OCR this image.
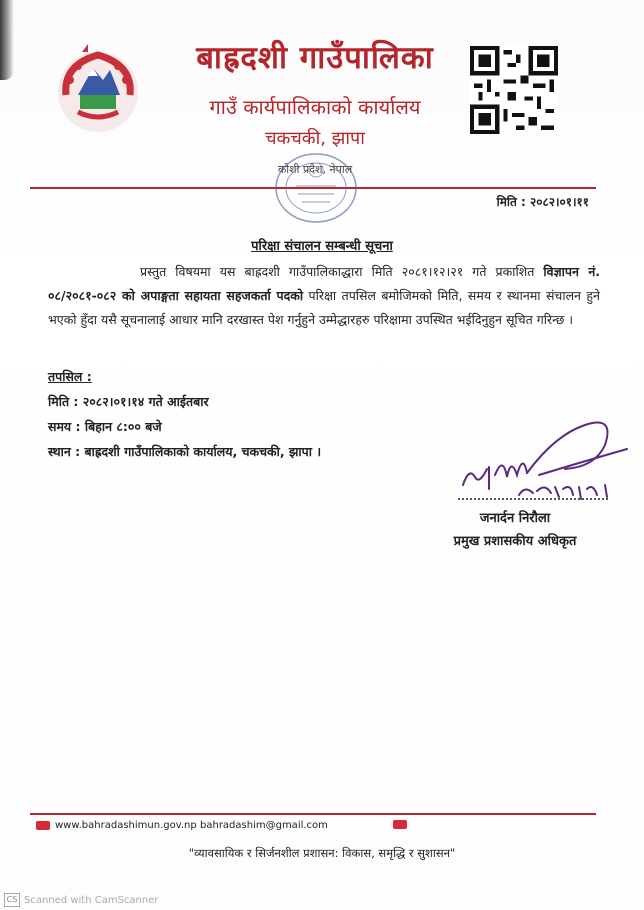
बाह्रदशी गाउँपालिका
गाउँ कार्यपालिकाको कार्यालय
चकचकी, झापा
कोशी प्रदेश, नेपाल
मिति : २०८२।०१।११
परिक्षा संचालन सम्बन्धी सूचना
प्रस्तुत विषयमा यस बाह्रदशी गाउँपालिकाद्धारा मिति २०८१।१२।२१ गते प्रकाशित विज्ञापन नं. ०८/२०८१-०८२ को अपाङ्गता सहायता सहजकर्ता पदको परिक्षा तपसिल बमोजिमको मिति, समय र स्थानमा संचालन हुने भएको हुँदा यसै सूचनालाई आधार मानि दरखास्त पेश गर्नुहुने उम्मेद्धारहरु परिक्षामा उपस्थित भईदिनुहुन सूचित गरिन्छ ।
तपसिल :
मिति : २०८२।०१।१४ गते आईतबार
समय : बिहान ८:०० बजे
स्थान : बाह्रदशी गाउँपालिकाको कार्यालय, चकचकी, झापा ।
जनार्दन निरौला
प्रमुख प्रशासकीय अधिकृत
www.bahradashimun.gov.np bahradashim@gmail.com
"व्यावसायिक र सिर्जनशील प्रशासन: विकास, समृद्धि र सुशासन"
CS Scanned with CamScanner
